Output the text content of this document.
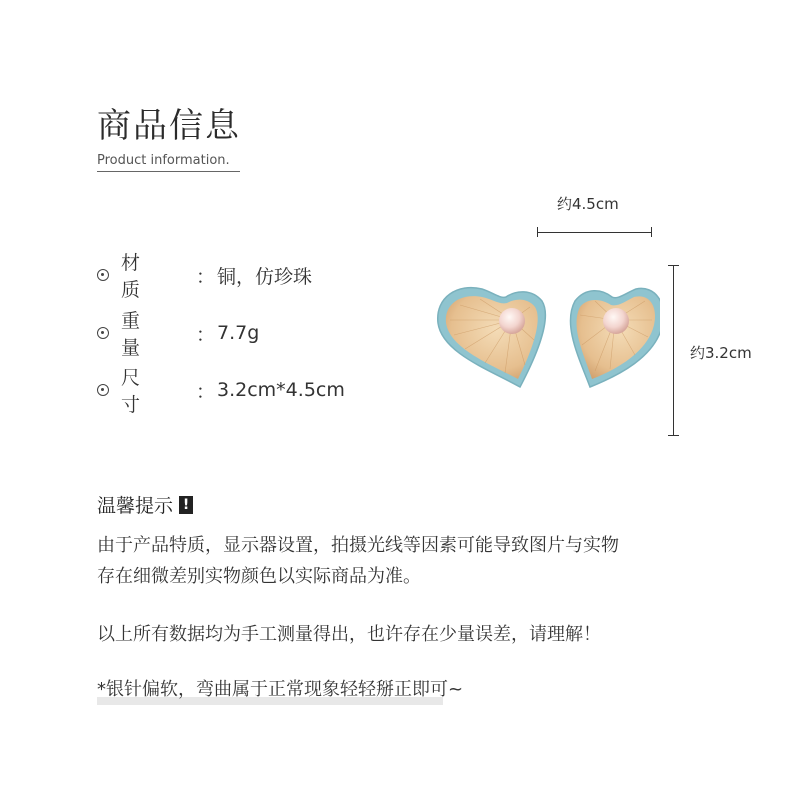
商品信息
Product information.
材　　质
： 铜，仿珍珠
重　　量
： 7.7g
尺　　寸
： 3.2cm*4.5cm
约4.5cm
约3.2cm
温馨提示 !
由于产品特质，显示器设置，拍摄光线等因素可能导致图片与实物
存在细微差别实物颜色以实际商品为准。
以上所有数据均为手工测量得出，也许存在少量误差，请理解！
*银针偏软，弯曲属于正常现象轻轻掰正即可~
